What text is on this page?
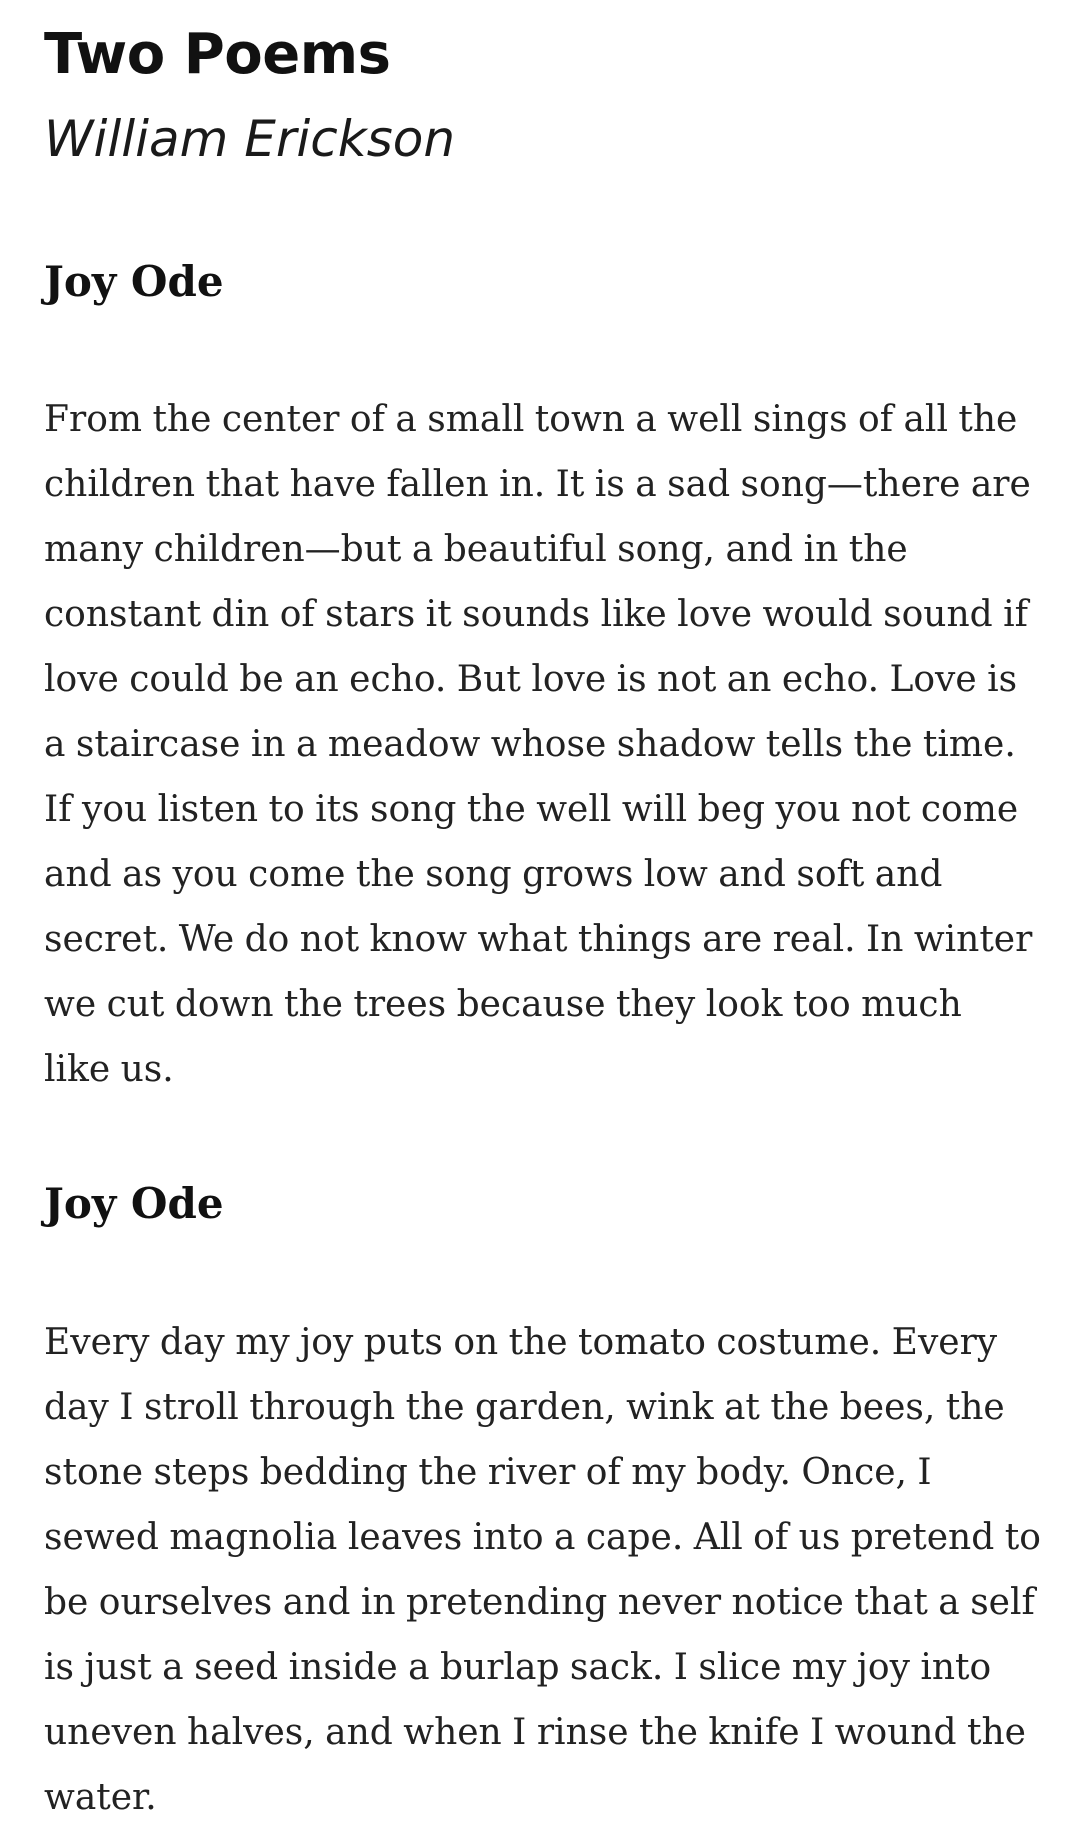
Two Poems

William Erickson

Joy Ode

From the center of a small town a well sings of all the
children that have fallen in. It is a sad song—there are
many children—but a beautiful song, and in the
constant din of stars it sounds like love would sound if
love could be an echo. But love is not an echo. Love is
a staircase in a meadow whose shadow tells the time.
If you listen to its song the well will beg you not come
and as you come the song grows low and soft and
secret. We do not know what things are real. In winter
we cut down the trees because they look too much
like us.

Joy Ode

Every day my joy puts on the tomato costume. Every
day I stroll through the garden, wink at the bees, the
stone steps bedding the river of my body. Once, I
sewed magnolia leaves into a cape. All of us pretend to
be ourselves and in pretending never notice that a self
is just a seed inside a burlap sack. I slice my joy into
uneven halves, and when I rinse the knife I wound the
water.
